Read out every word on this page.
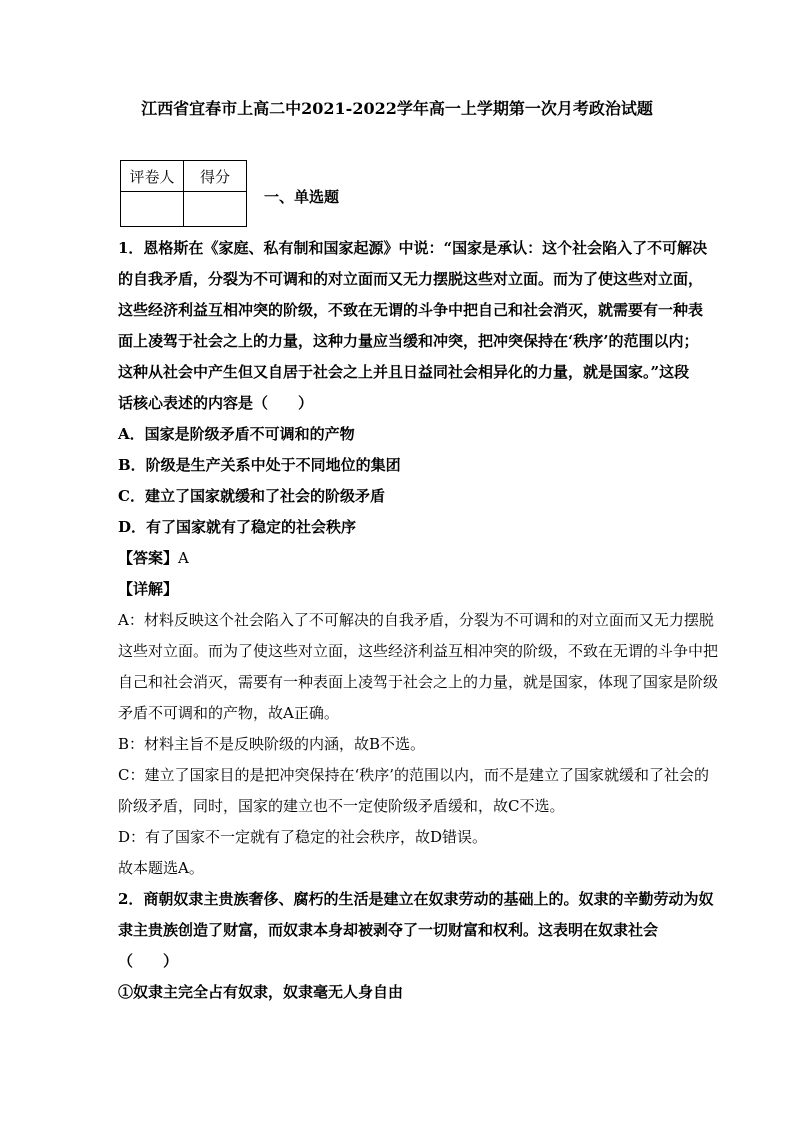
江西省宜春市上高二中2021-2022学年高一上学期第一次月考政治试题
评卷人	得分

一、单选题

1．恩格斯在《家庭、私有制和国家起源》中说：“国家是承认：这个社会陷入了不可解决

的自我矛盾，分裂为不可调和的对立面而又无力摆脱这些对立面。而为了使这些对立面，

这些经济利益互相冲突的阶级，不致在无谓的斗争中把自己和社会消灭，就需要有一种表

面上凌驾于社会之上的力量，这种力量应当缓和冲突，把冲突保持在‘秩序’的范围以内；

这种从社会中产生但又自居于社会之上并且日益同社会相异化的力量，就是国家。”这段

话核心表述的内容是（　　）

A．国家是阶级矛盾不可调和的产物

B．阶级是生产关系中处于不同地位的集团

C．建立了国家就缓和了社会的阶级矛盾

D．有了国家就有了稳定的社会秩序

【答案】A

【详解】

A：材料反映这个社会陷入了不可解决的自我矛盾，分裂为不可调和的对立面而又无力摆脱

这些对立面。而为了使这些对立面，这些经济利益互相冲突的阶级，不致在无谓的斗争中把

自己和社会消灭，需要有一种表面上凌驾于社会之上的力量，就是国家，体现了国家是阶级

矛盾不可调和的产物，故A正确。

B：材料主旨不是反映阶级的内涵，故B不选。

C：建立了国家目的是把冲突保持在‘秩序’的范围以内，而不是建立了国家就缓和了社会的

阶级矛盾，同时，国家的建立也不一定使阶级矛盾缓和，故C不选。

D：有了国家不一定就有了稳定的社会秩序，故D错误。

故本题选A。

2．商朝奴隶主贵族奢侈、腐朽的生活是建立在奴隶劳动的基础上的。奴隶的辛勤劳动为奴

隶主贵族创造了财富，而奴隶本身却被剥夺了一切财富和权利。这表明在奴隶社会

（　　）

①奴隶主完全占有奴隶，奴隶毫无人身自由
